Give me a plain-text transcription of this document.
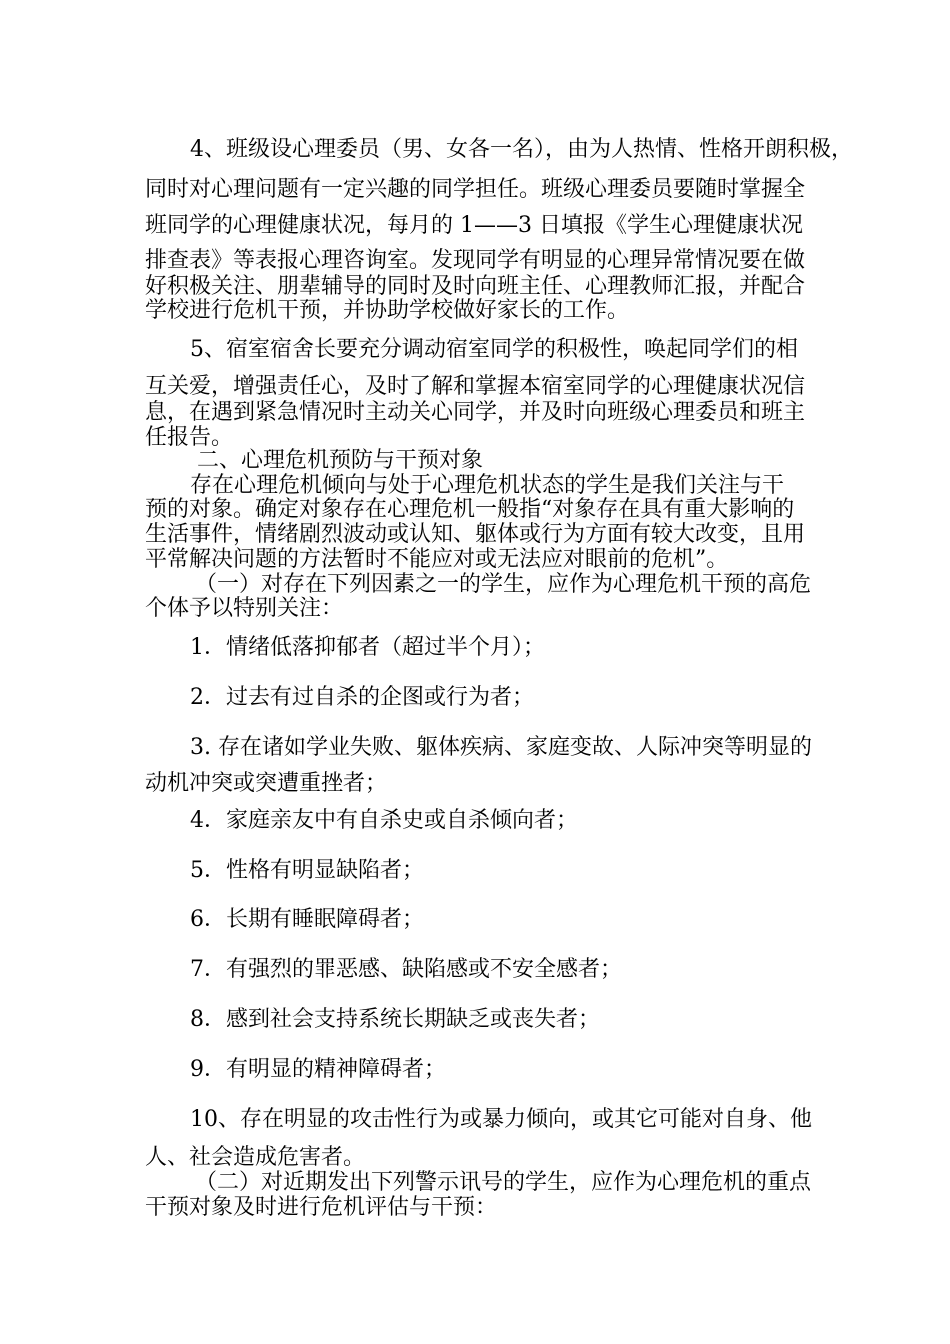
4、班级设心理委员（男、女各一名），由为人热情、性格开朗积极，
同时对心理问题有一定兴趣的同学担任。班级心理委员要随时掌握全
班同学的心理健康状况，每月的 1——3 日填报《学生心理健康状况
排查表》等表报心理咨询室。发现同学有明显的心理异常情况要在做
好积极关注、朋辈辅导的同时及时向班主任、心理教师汇报，并配合
学校进行危机干预，并协助学校做好家长的工作。
5、宿室宿舍长要充分调动宿室同学的积极性，唤起同学们的相
互关爱，增强责任心，及时了解和掌握本宿室同学的心理健康状况信
息，在遇到紧急情况时主动关心同学，并及时向班级心理委员和班主
任报告。
二、心理危机预防与干预对象
存在心理危机倾向与处于心理危机状态的学生是我们关注与干
预的对象。确定对象存在心理危机一般指“对象存在具有重大影响的
生活事件，情绪剧烈波动或认知、躯体或行为方面有较大改变，且用
平常解决问题的方法暂时不能应对或无法应对眼前的危机”。
（一）对存在下列因素之一的学生，应作为心理危机干预的高危
个体予以特别关注：
1．情绪低落抑郁者（超过半个月）；
2．过去有过自杀的企图或行为者；
3. 存在诸如学业失败、躯体疾病、家庭变故、人际冲突等明显的
动机冲突或突遭重挫者；
4．家庭亲友中有自杀史或自杀倾向者；
5．性格有明显缺陷者；
6．长期有睡眠障碍者；
7．有强烈的罪恶感、缺陷感或不安全感者；
8．感到社会支持系统长期缺乏或丧失者；
9．有明显的精神障碍者；
10、存在明显的攻击性行为或暴力倾向，或其它可能对自身、他
人、社会造成危害者。
（二）对近期发出下列警示讯号的学生，应作为心理危机的重点
干预对象及时进行危机评估与干预：
